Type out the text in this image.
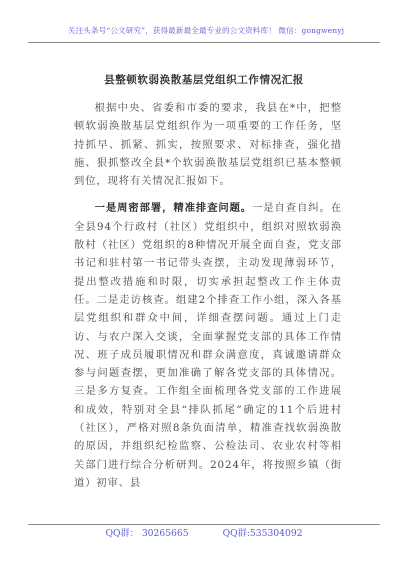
关注头条号“公文研究”，获得最新最全最专业的公文资料库！ 微信：gongwenyj
县整顿软弱涣散基层党组织工作情况汇报

根据中央、省委和市委的要求，我县在*中，把整顿软弱涣散基层党组织作为一项重要的工作任务，坚持抓早、抓紧、抓实，按照要求、对标排查，强化措施、狠抓整改全县*个软弱涣散基层党组织已基本整顿到位，现将有关情况汇报如下。

一是周密部署，精准排查问题。一是自查自纠。在全县94个行政村（社区）党组织中，组织对照软弱涣散村（社区）党组织的8种情况开展全面自查，党支部书记和驻村第一书记带头查摆，主动发现薄弱环节，提出整改措施和时限，切实承担起整改工作主体责任。二是走访核查。组建2个排查工作小组，深入各基层党组织和群众中间，详细查摆问题。通过上门走访、与农户深入交谈，全面掌握党支部的具体工作情况、班子成员履职情况和群众满意度，真诚邀请群众参与问题查摆，更加准确了解各党支部的具体情况。三是多方复查。工作组全面梳理各党支部的工作进展和成效，特别对全县“排队抓尾”确定的11个后进村（社区），严格对照8条负面清单，精准查找软弱涣散的原因，并组织纪检监察、公检法司、农业农村等相关部门进行综合分析研判。2024年，将按照乡镇（街道）初审、县

QQ群： 30265665	QQ群:535304092
